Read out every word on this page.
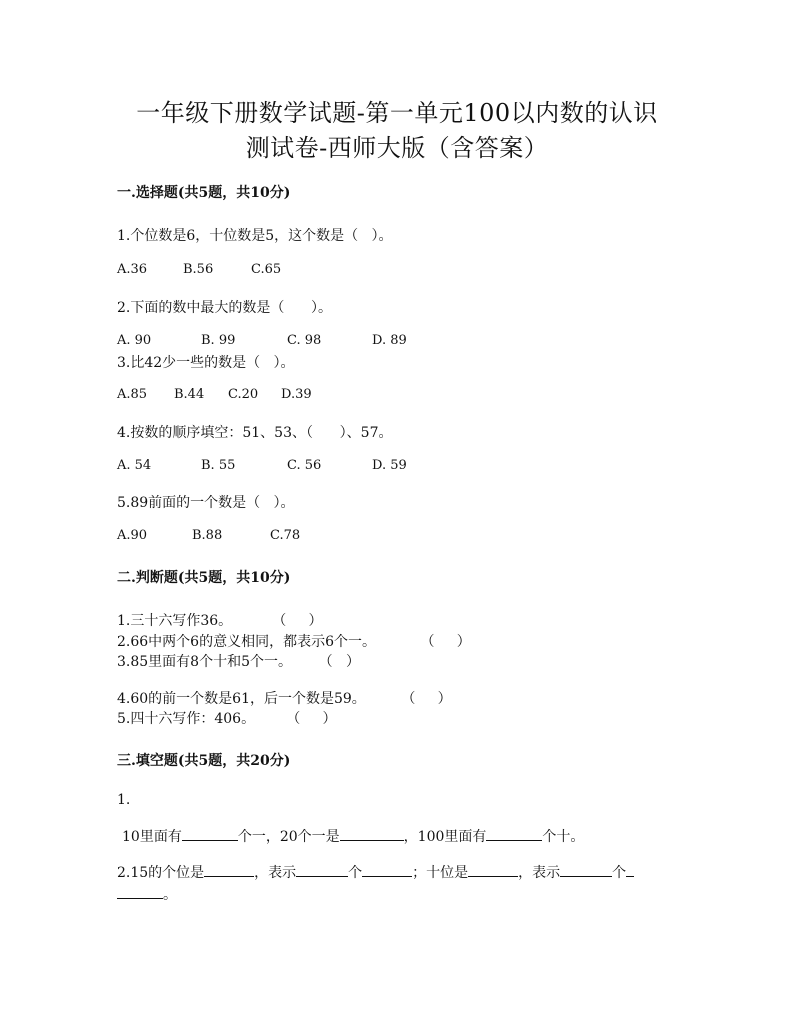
一年级下册数学试题-第一单元100以内数的认识
测试卷-西师大版（含答案）
一.选择题(共5题，共10分)
1.个位数是6，十位数是5，这个数是（   ）。
A.36	B.56	C.65
2.下面的数中最大的数是（      ）。
A. 90	B. 99	C. 98	D. 89
3.比42少一些的数是（   ）。
A.85 B.44 C.20 D.39
4.按数的顺序填空：51、53、（      ）、57。
A. 54	B. 55	C. 56	D. 59
5.89前面的一个数是（   ）。
A.90	B.88	C.78
二.判断题(共5题，共10分)
1.三十六写作36。         （     ）
2.66中两个6的意义相同，都表示6个一。          （     ）
3.85里面有8个十和5个一。      （   ）
4.60的前一个数是61，后一个数是59。        （     ）
5.四十六写作：406。       （     ）
三.填空题(共5题，共20分)
1.
10里面有	个一，20个一是	，100里面有	个十。
2.15的个位是	，表示	个	；十位是	，表示	个
。
